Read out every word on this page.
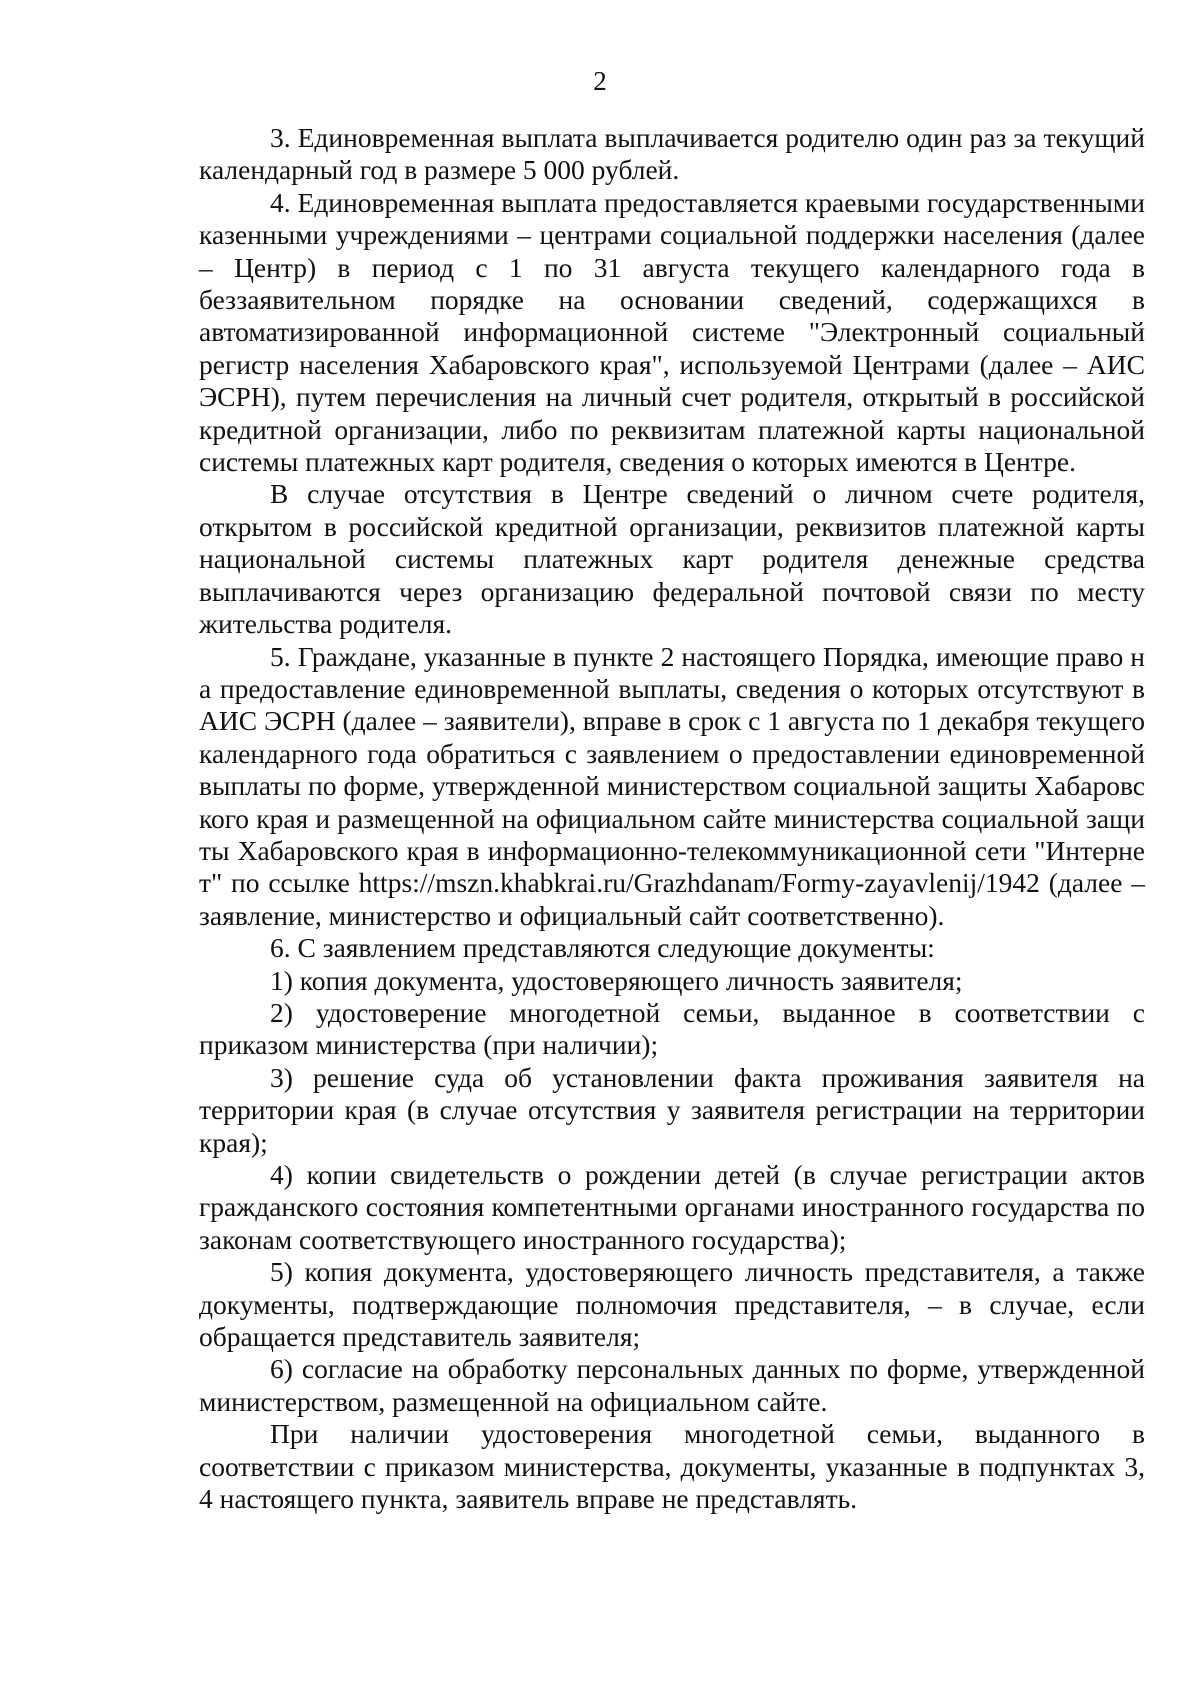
2

3. Единовременная выплата выплачивается родителю один раз за текущий календарный год в размере 5 000 рублей.

4. Единовременная выплата предоставляется краевыми государственными казенными учреждениями – центрами социальной поддержки населения (далее – Центр) в период с 1 по 31 августа текущего календарного года в беззаявительном порядке на основании сведений, содержащихся в автоматизированной информационной системе "Электронный социальный регистр населения Хабаровского края", используемой Центрами (далее – АИС ЭСРН), путем перечисления на личный счет родителя, открытый в российской кредитной организации, либо по реквизитам платежной карты национальной системы платежных карт родителя, сведения о которых имеются в Центре.

В случае отсутствия в Центре сведений о личном счете родителя, открытом в российской кредитной организации, реквизитов платежной карты национальной системы платежных карт родителя денежные средства выплачиваются через организацию федеральной почтовой связи по месту жительства родителя.

5. Граждане, указанные в пункте 2 настоящего Порядка, имеющие право на предоставление единовременной выплаты, сведения о которых отсутствуют в АИС ЭСРН (далее – заявители), вправе в срок с 1 августа по 1 декабря текущего календарного года обратиться с заявлением о предоставлении единовременной выплаты по форме, утвержденной министерством социальной защиты Хабаровского края и размещенной на официальном сайте министерства социальной защиты Хабаровского края в информационно-телекоммуникационной сети "Интернет" по ссылке https://mszn.khabkrai.ru/Grazhdanam/Formy-zayavlenij/1942 (далее – заявление, министерство и официальный сайт соответственно).

6. С заявлением представляются следующие документы:

1) копия документа, удостоверяющего личность заявителя;

2) удостоверение многодетной семьи, выданное в соответствии с приказом министерства (при наличии);

3) решение суда об установлении факта проживания заявителя на территории края (в случае отсутствия у заявителя регистрации на территории края);

4) копии свидетельств о рождении детей (в случае регистрации актов гражданского состояния компетентными органами иностранного государства по законам соответствующего иностранного государства);

5) копия документа, удостоверяющего личность представителя, а также документы, подтверждающие полномочия представителя, – в случае, если обращается представитель заявителя;

6) согласие на обработку персональных данных по форме, утвержденной министерством, размещенной на официальном сайте.

При наличии удостоверения многодетной семьи, выданного в соответствии с приказом министерства, документы, указанные в подпунктах 3, 4 настоящего пункта, заявитель вправе не представлять.
